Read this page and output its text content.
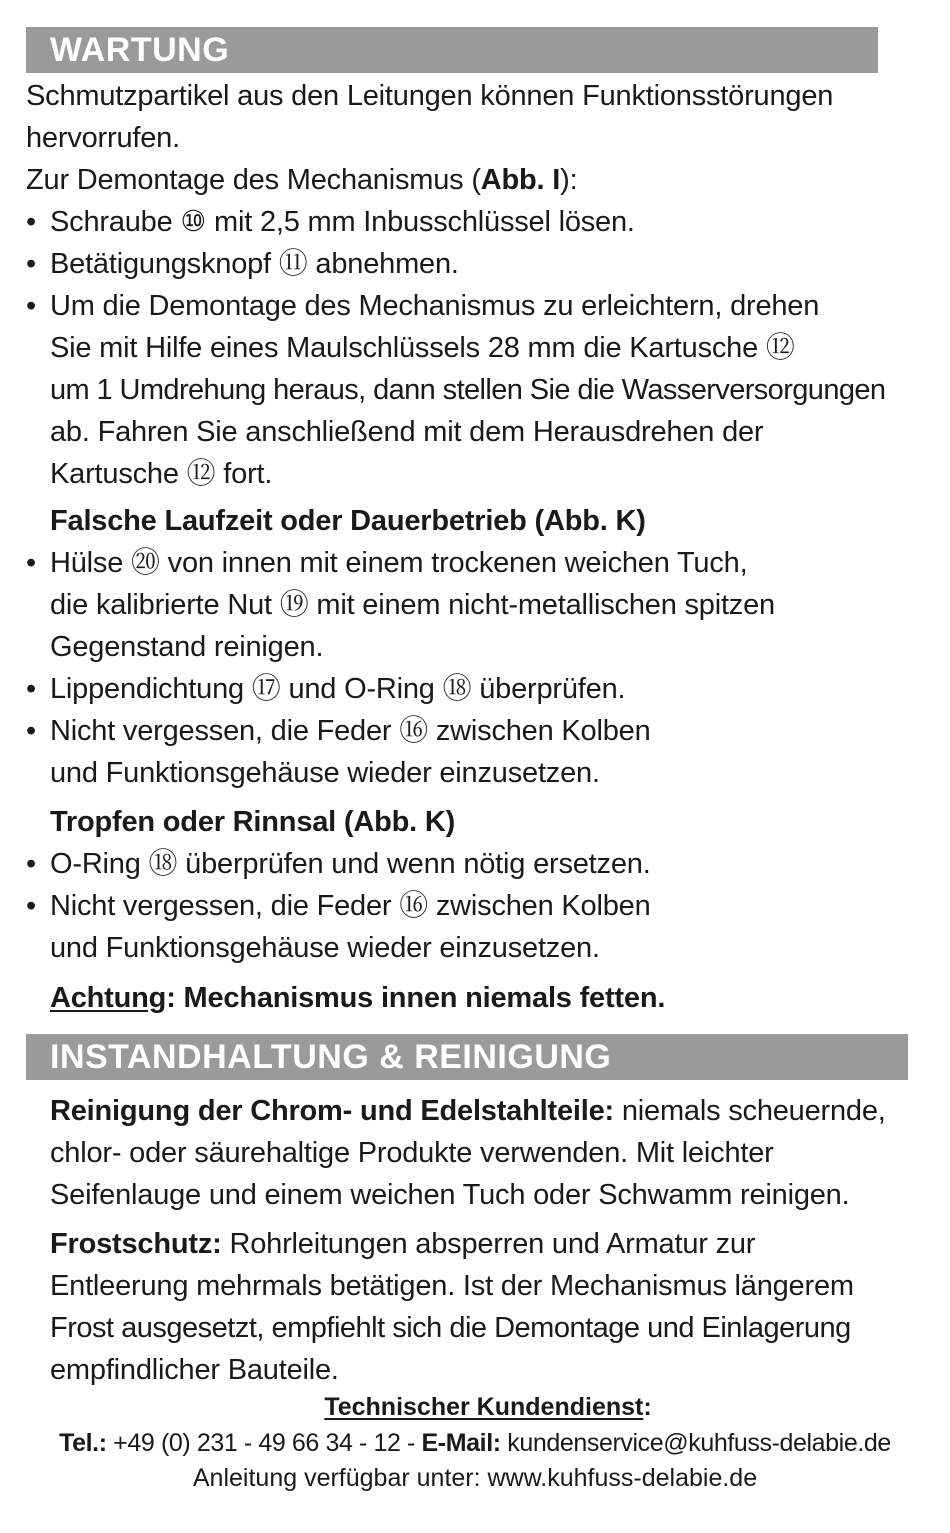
WARTUNG

Schmutzpartikel aus den Leitungen können Funktionsstörungen

hervorrufen.

Zur Demontage des Mechanismus (Abb. I):

• Schraube ⑩ mit 2,5 mm Inbusschlüssel lösen.
• Betätigungsknopf ⑪ abnehmen.
• Um die Demontage des Mechanismus zu erleichtern, drehen

Sie mit Hilfe eines Maulschlüssels 28 mm die Kartusche ⑫

um 1 Umdrehung heraus, dann stellen Sie die Wasserversorgungen

ab. Fahren Sie anschließend mit dem Herausdrehen der

Kartusche ⑫ fort.

Falsche Laufzeit oder Dauerbetrieb (Abb. K)
• Hülse ⑳ von innen mit einem trockenen weichen Tuch,

die kalibrierte Nut ⑲ mit einem nicht-metallischen spitzen

Gegenstand reinigen.

• Lippendichtung ⑰ und O-Ring ⑱ überprüfen.
• Nicht vergessen, die Feder ⑯ zwischen Kolben

und Funktionsgehäuse wieder einzusetzen.

Tropfen oder Rinnsal (Abb. K)
• O-Ring ⑱ überprüfen und wenn nötig ersetzen.
• Nicht vergessen, die Feder ⑯ zwischen Kolben

und Funktionsgehäuse wieder einzusetzen.

Achtung: Mechanismus innen niemals fetten.
INSTANDHALTUNG & REINIGUNG

Reinigung der Chrom- und Edelstahlteile: niemals scheuernde,

chlor- oder säurehaltige Produkte verwenden. Mit leichter

Seifenlauge und einem weichen Tuch oder Schwamm reinigen.

Frostschutz: Rohrleitungen absperren und Armatur zur

Entleerung mehrmals betätigen. Ist der Mechanismus längerem

Frost ausgesetzt, empfiehlt sich die Demontage und Einlagerung

empfindlicher Bauteile.

Technischer Kundendienst:
Tel.: +49 (0) 231 - 49 66 34 - 12 - E-Mail: kundenservice@kuhfuss-delabie.de
Anleitung verfügbar unter: www.kuhfuss-delabie.de
